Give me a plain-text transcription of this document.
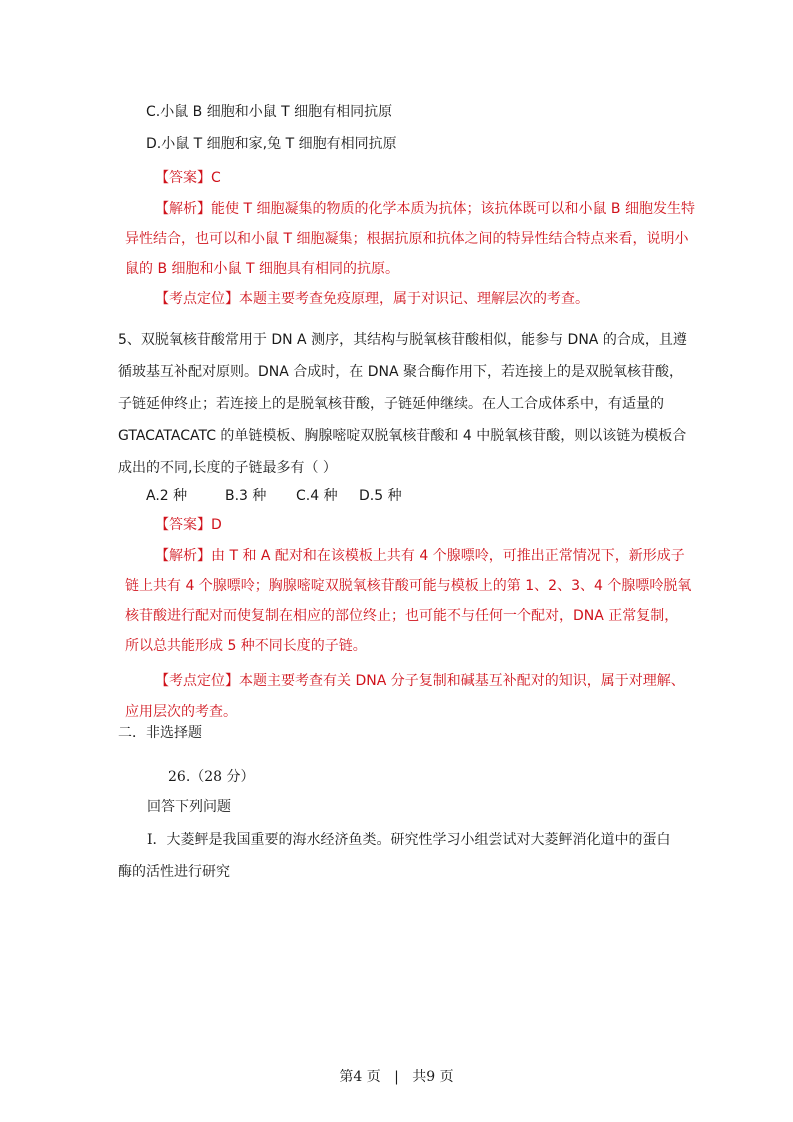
C.小鼠 B 细胞和小鼠 T 细胞有相同抗原
D.小鼠 T 细胞和家,兔 T 细胞有相同抗原
【答案】C
【解析】能使 T 细胞凝集的物质的化学本质为抗体；该抗体既可以和小鼠 B 细胞发生特
异性结合，也可以和小鼠 T 细胞凝集；根据抗原和抗体之间的特异性结合特点来看，说明小
鼠的 B 细胞和小鼠 T 细胞具有相同的抗原。
【考点定位】本题主要考查免疫原理，属于对识记、理解层次的考查。
5、双脱氧核苷酸常用于 DN A 测序，其结构与脱氧核苷酸相似，能参与 DNA 的合成，且遵
循玻基互补配对原则。DNA 合成时，在 DNA 聚合酶作用下，若连接上的是双脱氧核苷酸，
子链延伸终止；若连接上的是脱氧核苷酸，子链延伸继续。在人工合成体系中，有适量的
GTACATACATC 的单链模板、胸腺嘧啶双脱氧核苷酸和 4 中脱氧核苷酸，则以该链为模板合
成出的不同,长度的子链最多有（ ）
A.2 种	B.3 种 C.4 种 D.5 种
【答案】D
【解析】由 T 和 A 配对和在该模板上共有 4 个腺嘌呤，可推出正常情况下，新形成子
链上共有 4 个腺嘌呤；胸腺嘧啶双脱氧核苷酸可能与模板上的第 1、2、3、4 个腺嘌呤脱氧
核苷酸进行配对而使复制在相应的部位终止；也可能不与任何一个配对，DNA 正常复制，
所以总共能形成 5 种不同长度的子链。
【考点定位】本题主要考查有关 DNA 分子复制和碱基互补配对的知识，属于对理解、
应用层次的考查。
二．非选择题
26.（28 分）
回答下列问题
Ⅰ．大菱鲆是我国重要的海水经济鱼类。研究性学习小组尝试对大菱鲆消化道中的蛋白
酶的活性进行研究
第4 页 | 共9 页
